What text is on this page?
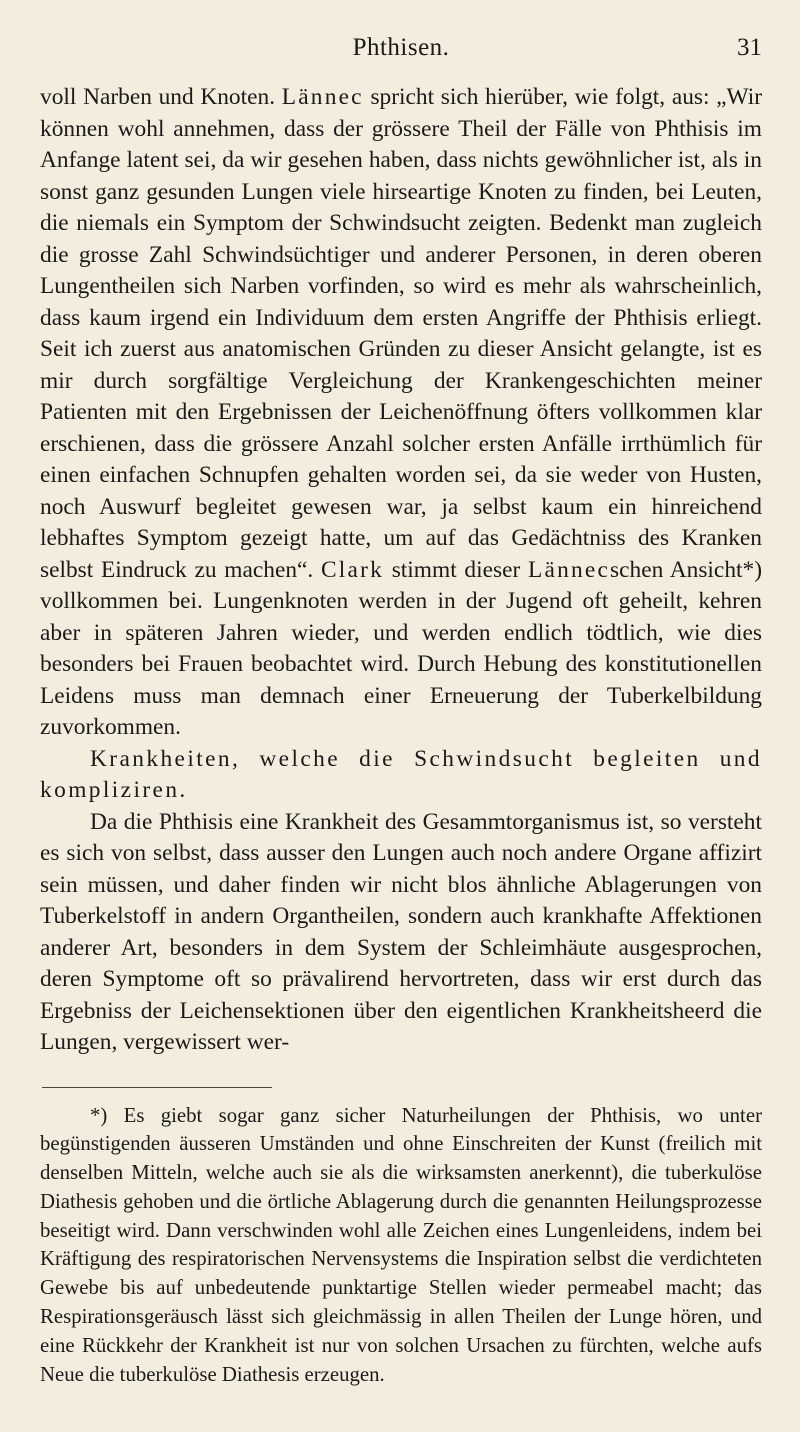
Phthisen.	31

voll Narben und Knoten. Lännec spricht sich hierüber, wie folgt, aus: „Wir können wohl annehmen, dass der grössere Theil der Fälle von Phthisis im Anfange latent sei, da wir gesehen haben, dass nichts gewöhnlicher ist, als in sonst ganz gesunden Lungen viele hirseartige Knoten zu finden, bei Leuten, die niemals ein Symptom der Schwindsucht zeigten. Bedenkt man zugleich die grosse Zahl Schwindsüchtiger und anderer Personen, in deren oberen Lungentheilen sich Narben vorfinden, so wird es mehr als wahrscheinlich, dass kaum irgend ein Individuum dem ersten Angriffe der Phthisis erliegt. Seit ich zuerst aus anatomischen Gründen zu dieser Ansicht gelangte, ist es mir durch sorgfältige Vergleichung der Krankengeschichten meiner Patienten mit den Ergebnissen der Leichenöffnung öfters vollkommen klar erschienen, dass die grössere Anzahl solcher ersten Anfälle irrthümlich für einen einfachen Schnupfen gehalten worden sei, da sie weder von Husten, noch Auswurf begleitet gewesen war, ja selbst kaum ein hinreichend lebhaftes Symptom gezeigt hatte, um auf das Gedächtniss des Kranken selbst Eindruck zu machen“. Clark stimmt dieser Lännecschen Ansicht*) vollkommen bei. Lungenknoten werden in der Jugend oft geheilt, kehren aber in späteren Jahren wieder, und werden endlich tödtlich, wie dies besonders bei Frauen beobachtet wird. Durch Hebung des konstitutionellen Leidens muss man demnach einer Erneuerung der Tuberkelbildung zuvorkommen.

Krankheiten, welche die Schwindsucht begleiten und kompliziren.

Da die Phthisis eine Krankheit des Gesammtorganismus ist, so versteht es sich von selbst, dass ausser den Lungen auch noch andere Organe affizirt sein müssen, und daher finden wir nicht blos ähnliche Ablagerungen von Tuberkelstoff in andern Organtheilen, sondern auch krankhafte Affektionen anderer Art, besonders in dem System der Schleimhäute ausgesprochen, deren Symptome oft so prävalirend hervortreten, dass wir erst durch das Ergebniss der Leichensektionen über den eigentlichen Krankheitsheerd die Lungen, vergewissert wer-

*) Es giebt sogar ganz sicher Naturheilungen der Phthisis, wo unter begünstigenden äusseren Umständen und ohne Einschreiten der Kunst (freilich mit denselben Mitteln, welche auch sie als die wirksamsten anerkennt), die tuberkulöse Diathesis gehoben und die örtliche Ablagerung durch die genannten Heilungsprozesse beseitigt wird. Dann verschwinden wohl alle Zeichen eines Lungenleidens, indem bei Kräftigung des respiratorischen Nervensystems die Inspiration selbst die verdichteten Gewebe bis auf unbedeutende punktartige Stellen wieder permeabel macht; das Respirationsgeräusch lässt sich gleichmässig in allen Theilen der Lunge hören, und eine Rückkehr der Krankheit ist nur von solchen Ursachen zu fürchten, welche aufs Neue die tuberkulöse Diathesis erzeugen.
